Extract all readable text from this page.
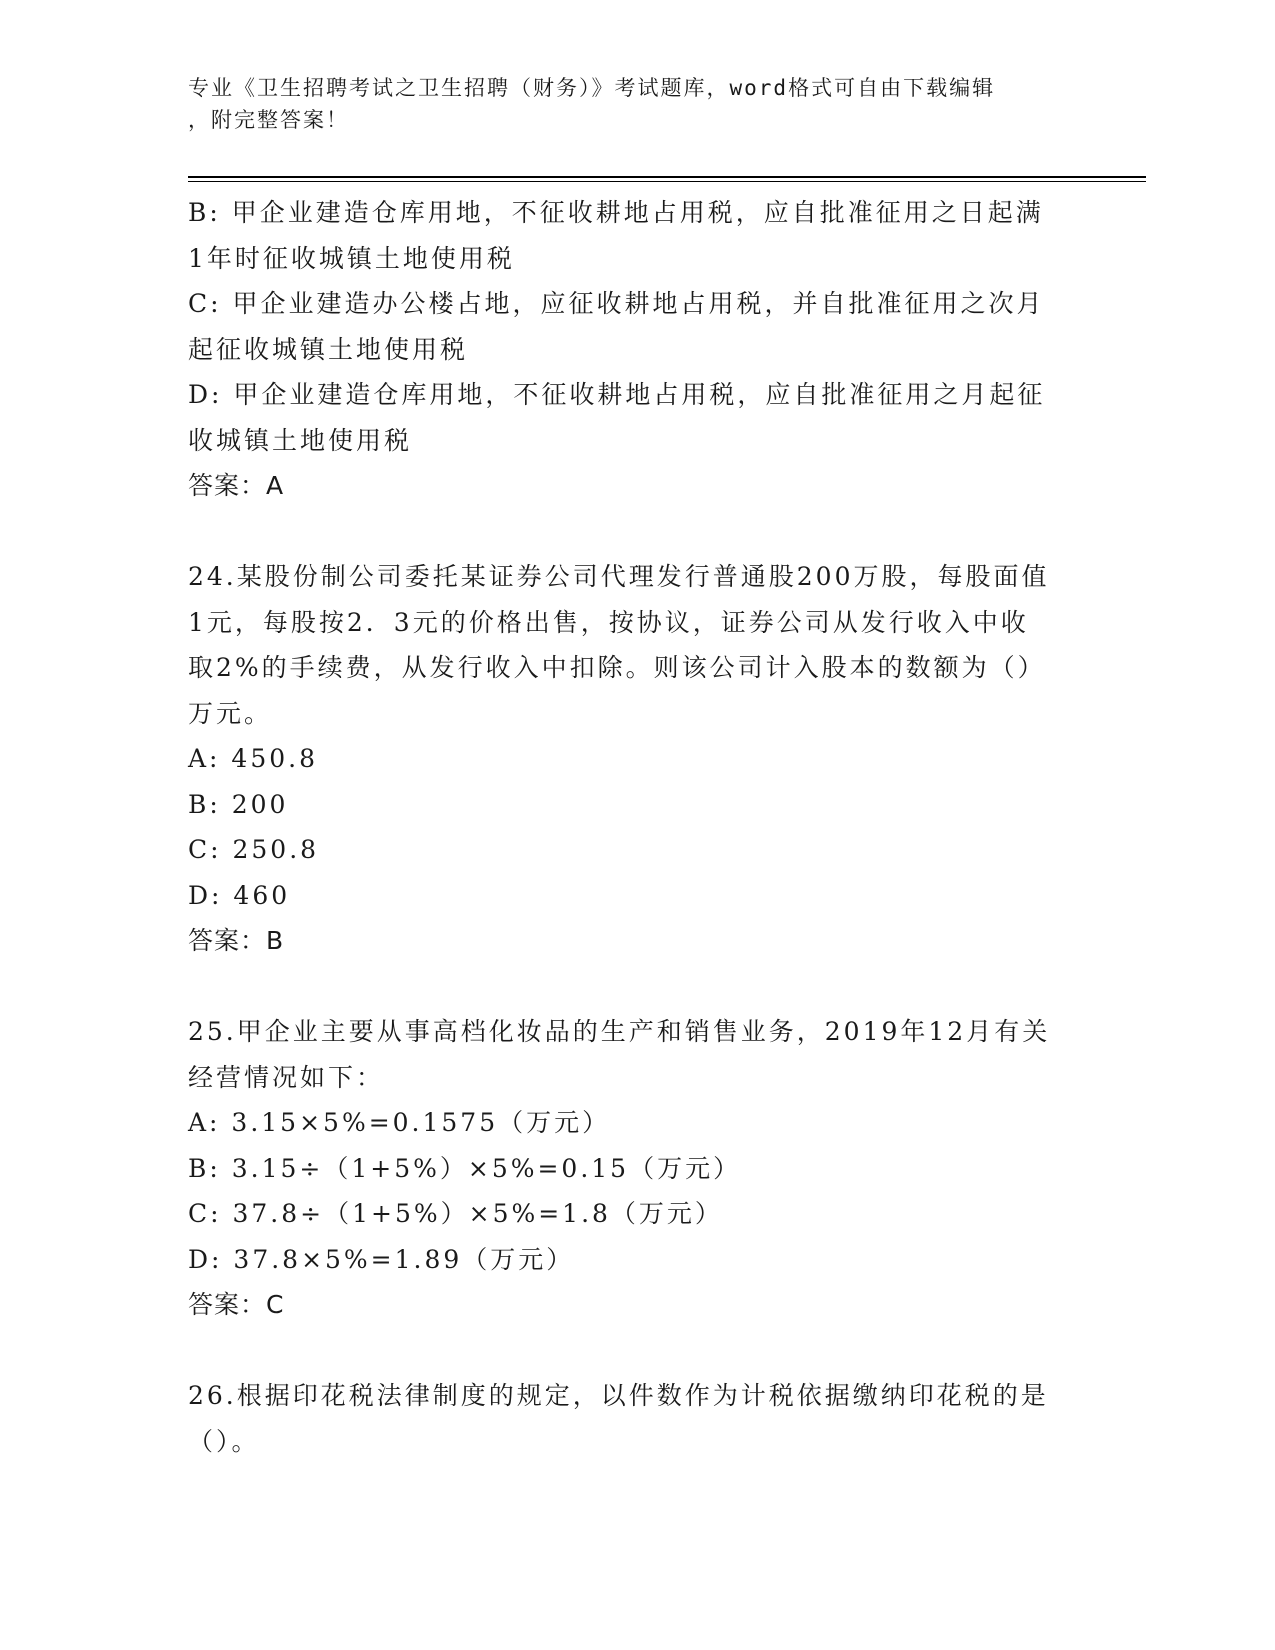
专业《卫生招聘考试之卫生招聘（财务）》考试题库，word格式可自由下载编辑
，附完整答案！
B: 甲企业建造仓库用地，不征收耕地占用税，应自批准征用之日起满
1年时征收城镇土地使用税
C: 甲企业建造办公楼占地，应征收耕地占用税，并自批准征用之次月
起征收城镇土地使用税
D: 甲企业建造仓库用地，不征收耕地占用税，应自批准征用之月起征
收城镇土地使用税
答案：A
24.某股份制公司委托某证券公司代理发行普通股200万股，每股面值
1元，每股按2．3元的价格出售，按协议，证券公司从发行收入中收
取2%的手续费，从发行收入中扣除。则该公司计入股本的数额为（）
万元。
A: 450.8
B: 200
C: 250.8
D: 460
答案：B
25.甲企业主要从事高档化妆品的生产和销售业务，2019年12月有关
经营情况如下：
A: 3.15×5%=0.1575（万元）
B: 3.15÷（1+5%）×5%=0.15（万元）
C: 37.8÷（1+5%）×5%=1.8（万元）
D: 37.8×5%=1.89（万元）
答案：C
26.根据印花税法律制度的规定，以件数作为计税依据缴纳印花税的是
（）。
